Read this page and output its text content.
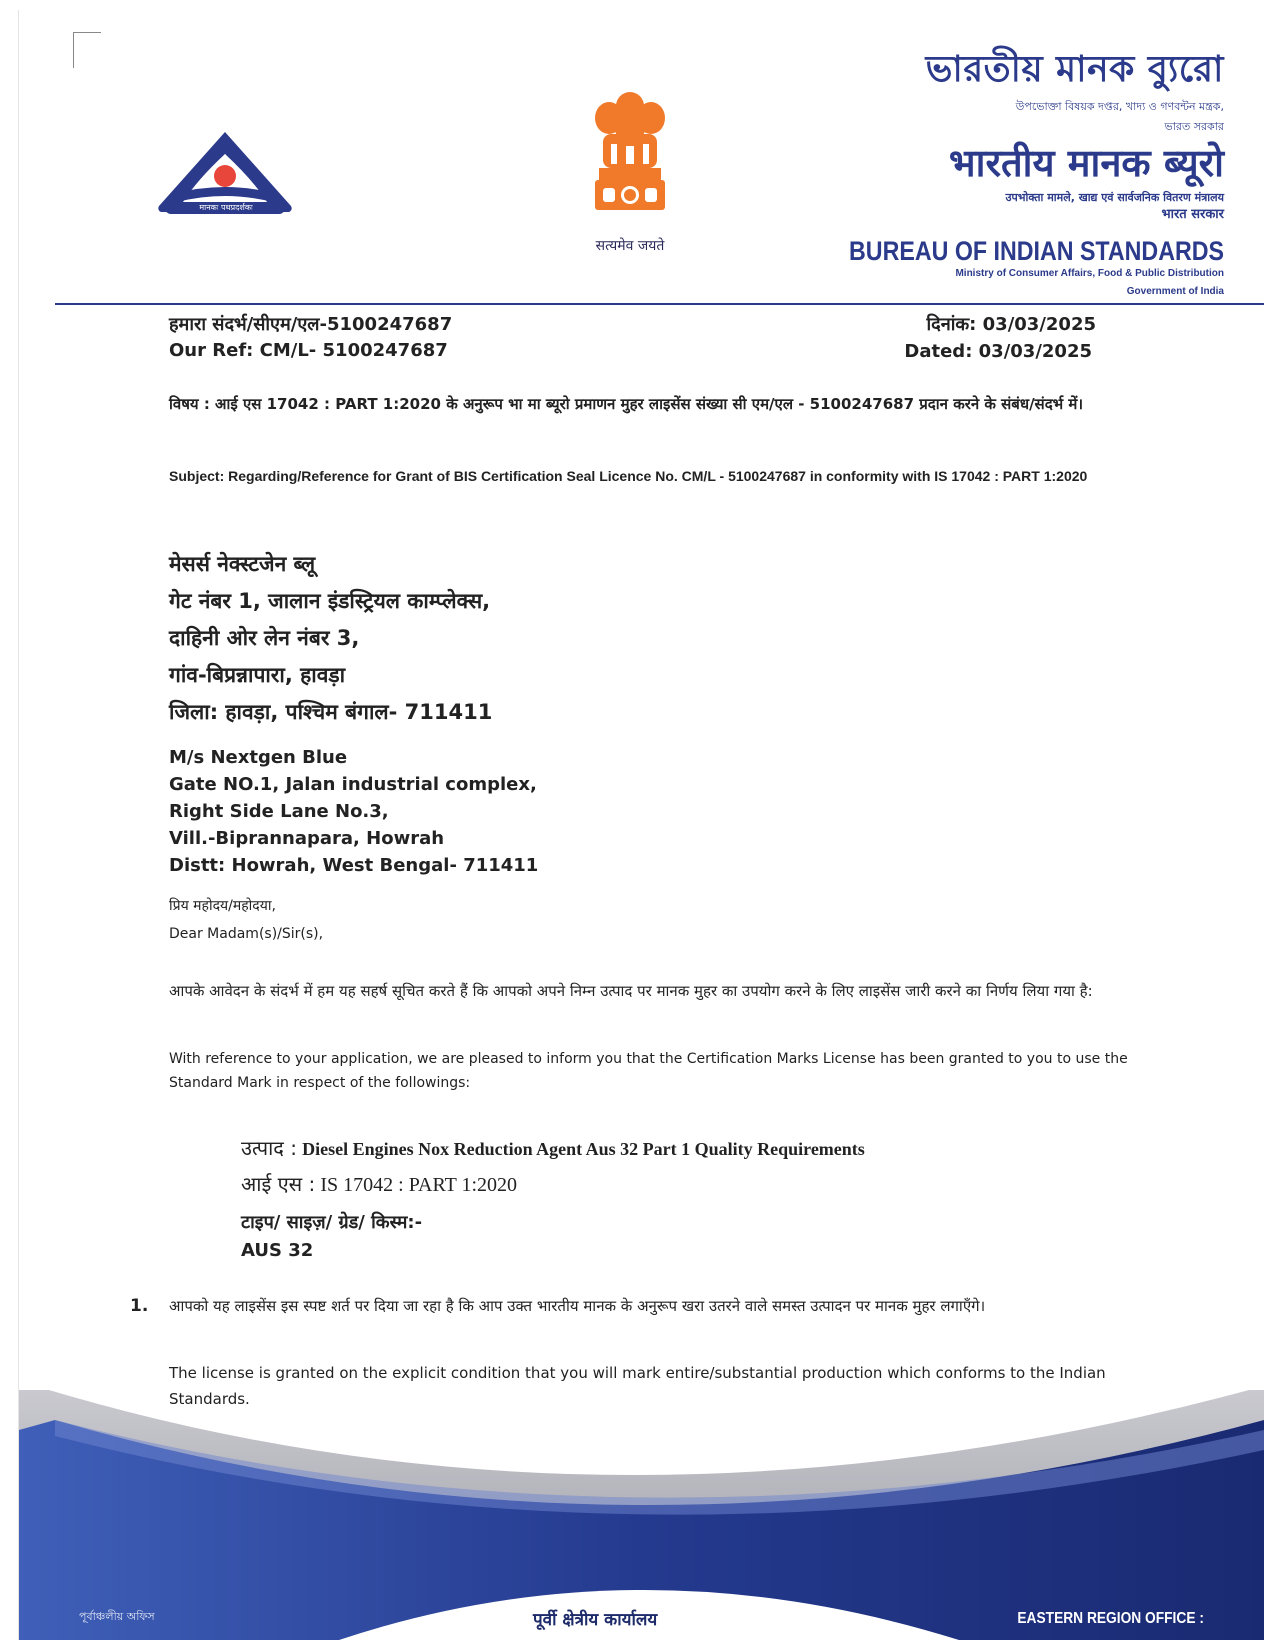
मानकः पथप्रदर्शकः
सत्यमेव जयते
ভারতীয় মানক ব্যুরো
উপভোক্তা বিষয়ক দপ্তর, খাদ্য ও গণবন্টন মন্ত্রক,
ভারত সরকার
भारतीय मानक ब्यूरो
उपभोक्ता मामले, खाद्य एवं सार्वजनिक वितरण मंत्रालय
भारत सरकार
BUREAU OF INDIAN STANDARDS
Ministry of Consumer Affairs, Food & Public Distribution
Government of India
हमारा संदर्भ/सीएम/एल-5100247687
Our Ref: CM/L- 5100247687
दिनांक: 03/03/2025
Dated: 03/03/2025
विषय : आई एस 17042 : PART 1:2020 के अनुरूप भा मा ब्यूरो प्रमाणन मुहर लाइसेंस संख्या सी एम/एल - 5100247687 प्रदान करने के संबंध/संदर्भ में।
Subject: Regarding/Reference for Grant of BIS Certification Seal Licence No. CM/L - 5100247687 in conformity with IS 17042 : PART 1:2020
मेसर्स नेक्स्टजेन ब्लू
गेट नंबर 1, जालान इंडस्ट्रियल काम्प्लेक्स,
दाहिनी ओर लेन नंबर 3,
गांव-बिप्रन्नापारा, हावड़ा
जिला: हावड़ा, पश्चिम बंगाल- 711411
M/s Nextgen Blue
Gate NO.1, Jalan industrial complex,
Right Side Lane No.3,
Vill.-Biprannapara, Howrah
Distt: Howrah, West Bengal- 711411
प्रिय महोदय/महोदया,
Dear Madam(s)/Sir(s),
आपके आवेदन के संदर्भ में हम यह सहर्ष सूचित करते हैं कि आपको अपने निम्न उत्पाद पर मानक मुहर का उपयोग करने के लिए लाइसेंस जारी करने का निर्णय लिया गया है:
With reference to your application, we are pleased to inform you that the Certification Marks License has been granted to you to use the Standard Mark in respect of the followings:
उत्पाद : Diesel Engines Nox Reduction Agent Aus 32 Part 1 Quality Requirements
आई एस : IS 17042 : PART 1:2020
टाइप/ साइज़/ ग्रेड/ किस्म:-
AUS 32
1. आपको यह लाइसेंस इस स्पष्ट शर्त पर दिया जा रहा है कि आप उक्त भारतीय मानक के अनुरूप खरा उतरने वाले समस्त उत्पादन पर मानक मुहर लगाएँगे।
The license is granted on the explicit condition that you will mark entire/substantial production which conforms to the Indian Standards.
পূর্বাঞ্চলীয় অফিস	पूर्वी क्षेत्रीय कार्यालय	EASTERN REGION OFFICE :
